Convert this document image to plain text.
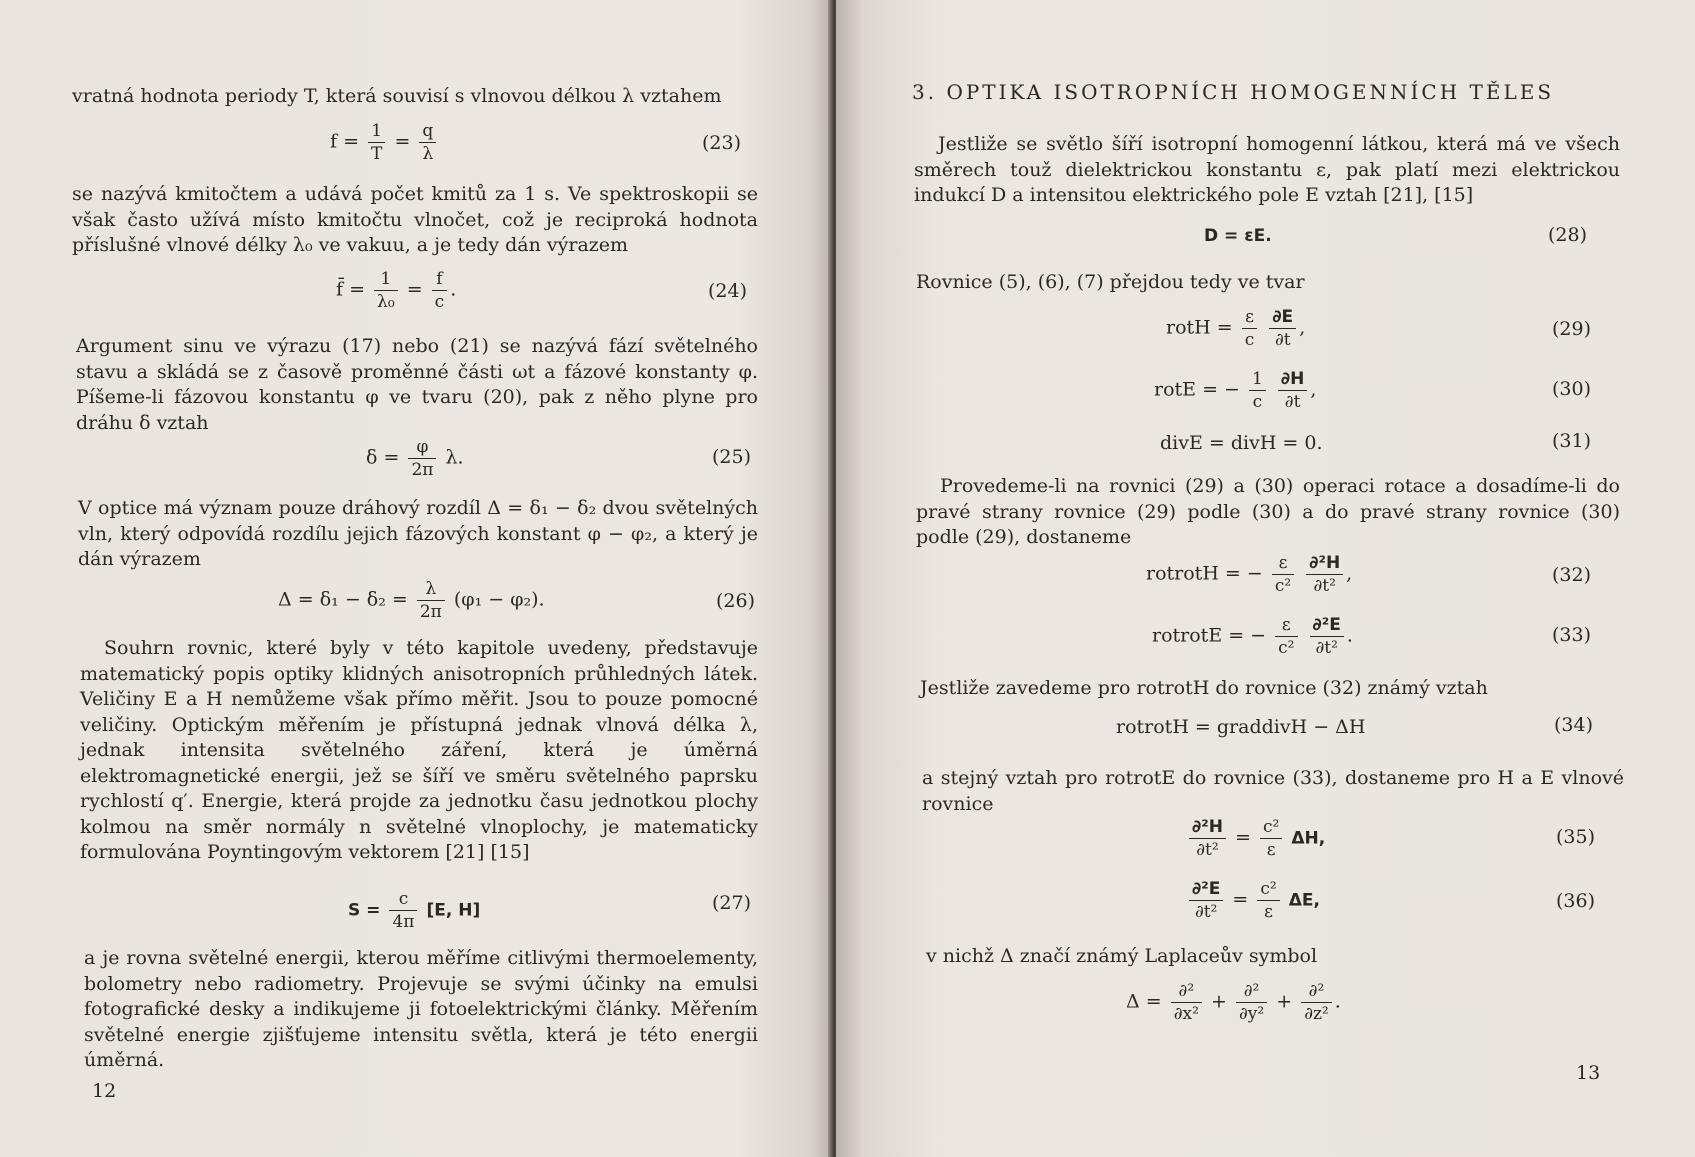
vratná hodnota periody T, která souvisí s vlnovou délkou λ vztahem

$f = \frac{1}{T} = \frac{q}{\lambda}$	(23)

se nazývá kmitočtem a udává počet kmitů za 1 s. Ve spektroskopii se však často užívá místo kmitočtu vlnočet, což je reciproká hodnota příslušné vlnové délky λ₀ ve vakuu, a je tedy dán výrazem

f̄ = $\frac{1}{\text{λ₀}} = \frac{f}{c}$ .	(24)

Argument sinu ve výrazu (17) nebo (21) se nazývá fází světelného stavu a skládá se z časově proměnné části ωt a fázové konstanty φ. Píšeme-li fázovou konstantu φ ve tvaru (20), pak z něho plyne pro dráhu δ vztah

$\delta = \frac{\varphi}{2\pi} \lambda$.	(25)

V optice má význam pouze dráhový rozdíl Δ = δ₁ − δ₂ dvou světelných vln, který odpovídá rozdílu jejich fázových konstant φ − φ₂, a který je dán výrazem

$\Delta = \delta_1 - \delta_2 = \frac{\lambda}{2\pi} (\varphi_1 - \varphi_2)$.	(26)

Souhrn rovnic, které byly v této kapitole uvedeny, představuje matematický popis optiky klidných anisotropních průhledných látek. Veličiny E a H nemůžeme však přímo měřit. Jsou to pouze pomocné veličiny. Optickým měřením je přístupná jednak vlnová délka λ, jednak intensita světelného záření, která je úměrná elektromagnetické energii, jež se šíří ve směru světelného paprsku rychlostí q′. Energie, která projde za jednotku času jednotkou plochy kolmou na směr normály n světelné vlnoplochy, je matematicky formulována Poyntingovým vektorem [21] [15]

$S = \frac{c}{4\pi} [E$, H]	(27)

a je rovna světelné energii, kterou měříme citlivými thermoelementy, bolometry nebo radiometry. Projevuje se svými účinky na emulsi fotografické desky a indikujeme ji fotoelektrickými články. Měřením světelné energie zjišťujeme intensitu světla, která je této energii úměrná.

12
3. OPTIKA ISOTROPNÍCH HOMOGENNÍCH TĚLES

Jestliže se světlo šíří isotropní homogenní látkou, která má ve všech směrech touž dielektrickou konstantu ε, pak platí mezi elektrickou indukcí D a intensitou elektrického pole E vztah [21], [15]

D = εE.	(28)

Rovnice (5), (6), (7) přejdou tedy ve tvar

rotH = $\frac{\varepsilon}{c}$
$\frac{\partial E}{\partial t}$ ,	(29)
rotE = − $\frac{1}{c}$
$\frac{\partial H}{\partial t}$ ,	(30)
divE = divH = 0.	(31)

Provedeme-li na rovnici (29) a (30) operaci rotace a dosadíme-li do pravé strany rovnice (29) podle (30) a do pravé strany rovnice (30) podle (29), dostaneme

rotrotH = − $\frac{\varepsilon}{\text{c²}}$
$\frac{\text{∂²H}}{\text{∂t²}}$ ,	(32)
rotrotE = − $\frac{\varepsilon}{\text{c²}}$
$\frac{\text{∂²E}}{\text{∂t²}}$ .	(33)

Jestliže zavedeme pro rotrotH do rovnice (32) známý vztah

rotrotH = graddivH − ΔH	(34)

a stejný vztah pro rotrotE do rovnice (33), dostaneme pro H a E vlnové rovnice

$\frac{\text{∂²H}}{\text{∂t²}} = \frac{\text{c²}}{\varepsilon} \Delta H$,	(35)
$\frac{\text{∂²E}}{\text{∂t²}} = \frac{\text{c²}}{\varepsilon} \Delta E$,	(36)

v nichž Δ značí známý Laplaceův symbol

$\Delta = \frac{\text{∂²}}{\text{∂x²}} + \frac{\text{∂²}}{\text{∂y²}} + \frac{\text{∂²}}{\text{∂z²}}$ .
13
